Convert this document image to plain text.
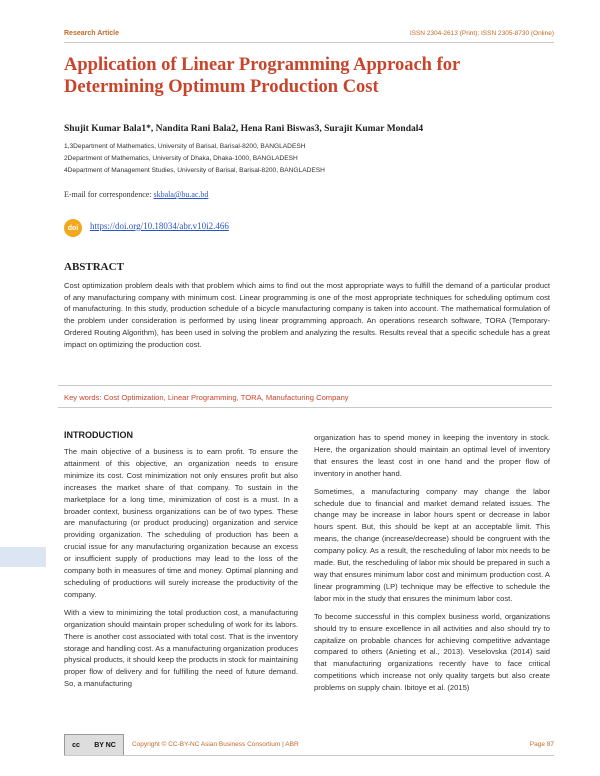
Research Article	ISSN 2304-2613 (Print); ISSN 2305-8730 (Online)
Application of Linear Programming Approach for Determining Optimum Production Cost
Shujit Kumar Bala1*, Nandita Rani Bala2, Hena Rani Biswas3, Surajit Kumar Mondal4
1,3Department of Mathematics, University of Barisal, Barisal-8200, BANGLADESH
2Department of Mathematics, University of Dhaka, Dhaka-1000, BANGLADESH
4Department of Management Studies, University of Barisal, Barisal-8200, BANGLADESH
E-mail for correspondence: skbala@bu.ac.bd
doi	https://doi.org/10.18034/abr.v10i2.466
ABSTRACT
Cost optimization problem deals with that problem which aims to find out the most appropriate ways to fulfill the demand of a particular product of any manufacturing company with minimum cost. Linear programming is one of the most appropriate techniques for scheduling optimum cost of manufacturing. In this study, production schedule of a bicycle manufacturing company is taken into account. The mathematical formulation of the problem under consideration is performed by using linear programming approach. An operations research software, TORA (Temporary-Ordered Routing Algorithm), has been used in solving the problem and analyzing the results. Results reveal that a specific schedule has a great impact on optimizing the production cost.
Key words: Cost Optimization, Linear Programming, TORA, Manufacturing Company
INTRODUCTION

The main objective of a business is to earn profit. To ensure the attainment of this objective, an organization needs to ensure minimize its cost. Cost minimization not only ensures profit but also increases the market share of that company. To sustain in the marketplace for a long time, minimization of cost is a must. In a broader context, business organizations can be of two types. These are manufacturing (or product producing) organization and service providing organization. The scheduling of production has been a crucial issue for any manufacturing organization because an excess or insufficient supply of productions may lead to the loss of the company both in measures of time and money. Optimal planning and scheduling of productions will surely increase the productivity of the company.

With a view to minimizing the total production cost, a manufacturing organization should maintain proper scheduling of work for its labors. There is another cost associated with total cost. That is the inventory storage and handling cost. As a manufacturing organization produces physical products, it should keep the products in stock for maintaining proper flow of delivery and for fulfilling the need of future demand. So, a manufacturing

organization has to spend money in keeping the inventory in stock. Here, the organization should maintain an optimal level of inventory that ensures the least cost in one hand and the proper flow of inventory in another hand.

Sometimes, a manufacturing company may change the labor schedule due to financial and market demand related issues. The change may be increase in labor hours spent or decrease in labor hours spent. But, this should be kept at an acceptable limit. This means, the change (increase/decrease) should be congruent with the company policy. As a result, the rescheduling of labor mix needs to be made. But, the rescheduling of labor mix should be prepared in such a way that ensures minimum labor cost and minimum production cost. A linear programming (LP) technique may be effective to schedule the labor mix in the study that ensures the minimum labor cost.

To become successful in this complex business world, organizations should try to ensure excellence in all activities and also should try to capitalize on probable chances for achieving competitive advantage compared to others (Anieting et al., 2013). Veselovska (2014) said that manufacturing organizations recently have to face critical competitions which increase not only quality targets but also create problems on supply chain. Ibitoye et al. (2015)

cc BY NC Copyright © CC-BY-NC Asian Business Consortium | ABR	Page 87
